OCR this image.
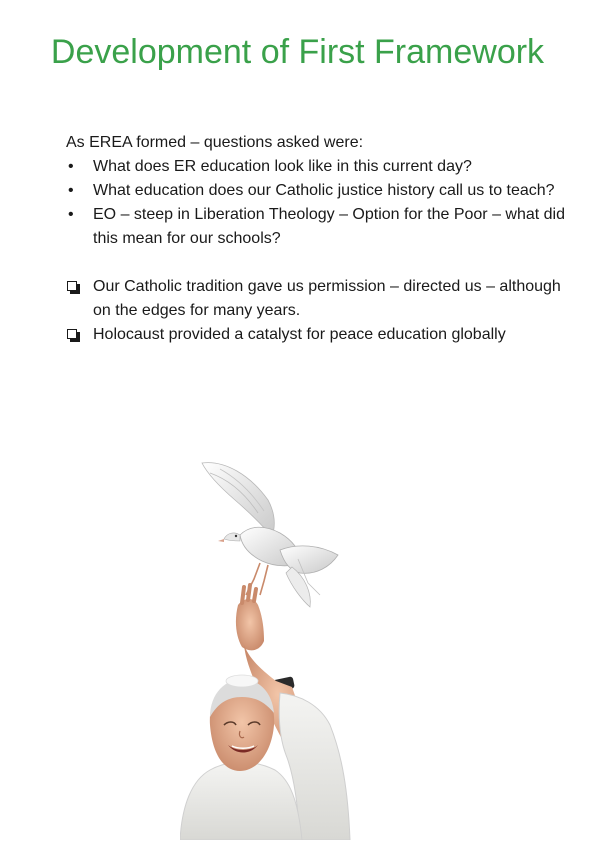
Development of First Framework

As EREA formed – questions asked were:

• What does ER education look like in this current day?
• What education does our Catholic justice history call us to teach?
• EO – steep in Liberation Theology – Option for the Poor – what did this mean for our schools?
Our Catholic tradition gave us permission – directed us – although on the edges for many years.
Holocaust provided a catalyst for peace education globally
